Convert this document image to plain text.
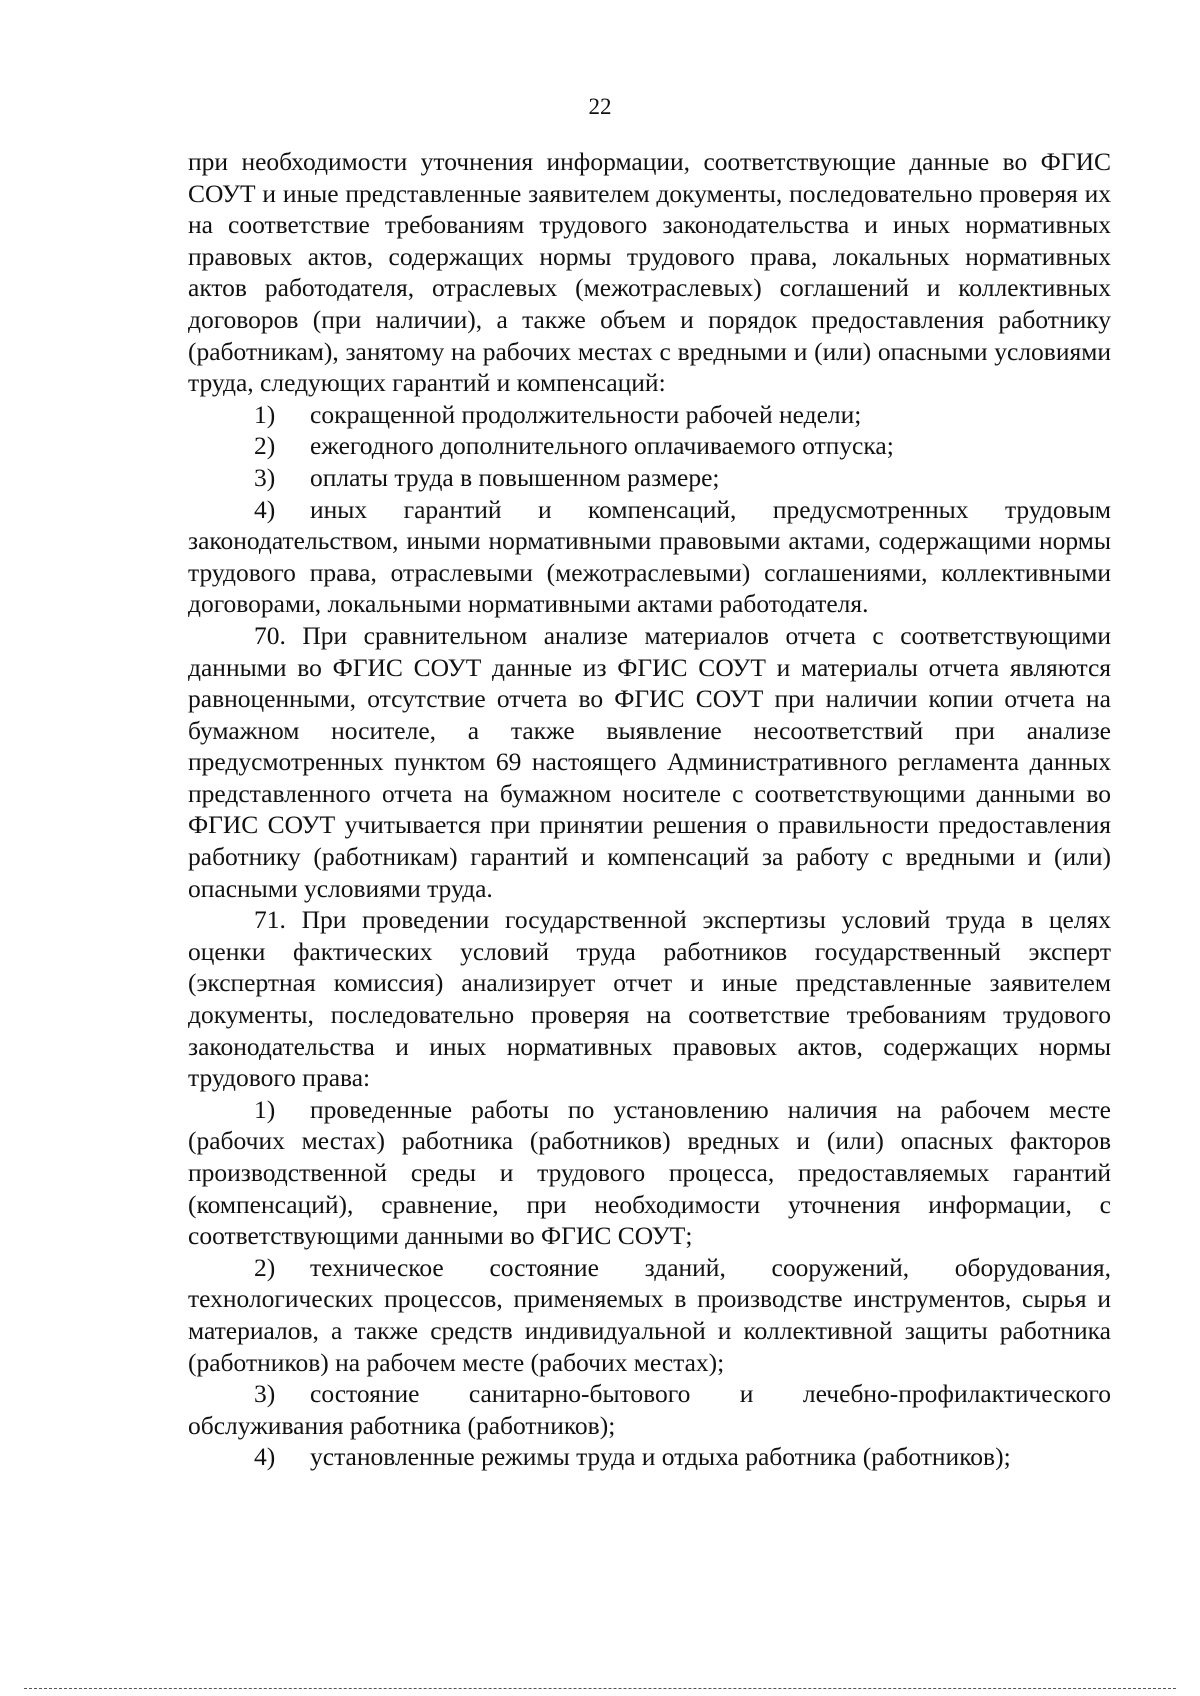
22

при необходимости уточнения информации, соответствующие данные во ФГИС СОУТ и иные представленные заявителем документы, последовательно проверяя их на соответствие требованиям трудового законодательства и иных нормативных правовых актов, содержащих нормы трудового права, локальных нормативных актов работодателя, отраслевых (межотраслевых) соглашений и коллективных договоров (при наличии), а также объем и порядок предоставления работнику (работникам), занятому на рабочих местах с вредными и (или) опасными условиями труда, следующих гарантий и компенсаций:

1) сокращенной продолжительности рабочей недели;

2) ежегодного дополнительного оплачиваемого отпуска;

3) оплаты труда в повышенном размере;

4) иных гарантий и компенсаций, предусмотренных трудовым законодательством, иными нормативными правовыми актами, содержащими нормы трудового права, отраслевыми (межотраслевыми) соглашениями, коллективными договорами, локальными нормативными актами работодателя.

70. При сравнительном анализе материалов отчета с соответствующими данными во ФГИС СОУТ данные из ФГИС СОУТ и материалы отчета являются равноценными, отсутствие отчета во ФГИС СОУТ при наличии копии отчета на бумажном носителе, а также выявление несоответствий при анализе предусмотренных пунктом 69 настоящего Административного регламента данных представленного отчета на бумажном носителе с соответствующими данными во ФГИС СОУТ учитывается при принятии решения о правильности предоставления работнику (работникам) гарантий и компенсаций за работу с вредными и (или) опасными условиями труда.

71. При проведении государственной экспертизы условий труда в целях оценки фактических условий труда работников государственный эксперт (экспертная комиссия) анализирует отчет и иные представленные заявителем документы, последовательно проверяя на соответствие требованиям трудового законодательства и иных нормативных правовых актов, содержащих нормы трудового права:

1) проведенные работы по установлению наличия на рабочем месте (рабочих местах) работника (работников) вредных и (или) опасных факторов производственной среды и трудового процесса, предоставляемых гарантий (компенсаций), сравнение, при необходимости уточнения информации, с соответствующими данными во ФГИС СОУТ;

2) техническое состояние зданий, сооружений, оборудования, технологических процессов, применяемых в производстве инструментов, сырья и материалов, а также средств индивидуальной и коллективной защиты работника (работников) на рабочем месте (рабочих местах);

3) состояние санитарно-бытового и лечебно-профилактического обслуживания работника (работников);

4) установленные режимы труда и отдыха работника (работников);
